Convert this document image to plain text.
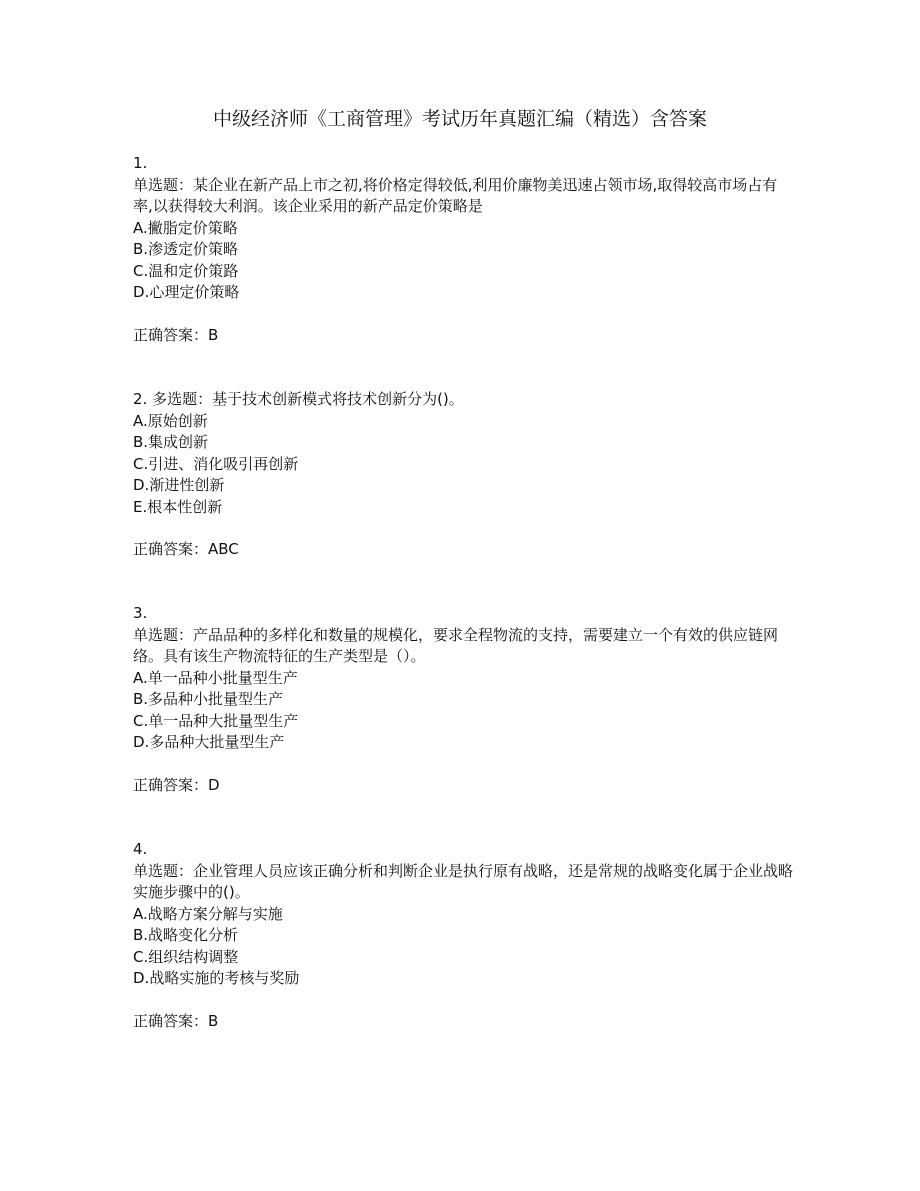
中级经济师《工商管理》考试历年真题汇编（精选）含答案
1.
单选题：某企业在新产品上市之初,将价格定得较低,利用价廉物美迅速占领市场,取得较高市场占有率,以获得较大利润。该企业采用的新产品定价策略是
A.撇脂定价策略
B.渗透定价策略
C.温和定价策路
D.心理定价策略
正确答案：B
2. 多选题：基于技术创新模式将技术创新分为()。
A.原始创新
B.集成创新
C.引进、消化吸引再创新
D.渐进性创新
E.根本性创新
正确答案：ABC
3.
单选题：产品品种的多样化和数量的规模化，要求全程物流的支持，需要建立一个有效的供应链网络。具有该生产物流特征的生产类型是（）。
A.单一品种小批量型生产
B.多品种小批量型生产
C.单一品种大批量型生产
D.多品种大批量型生产
正确答案：D
4.
单选题：企业管理人员应该正确分析和判断企业是执行原有战略，还是常规的战略变化属于企业战略实施步骤中的()。
A.战略方案分解与实施
B.战略变化分析
C.组织结构调整
D.战略实施的考核与奖励
正确答案：B
